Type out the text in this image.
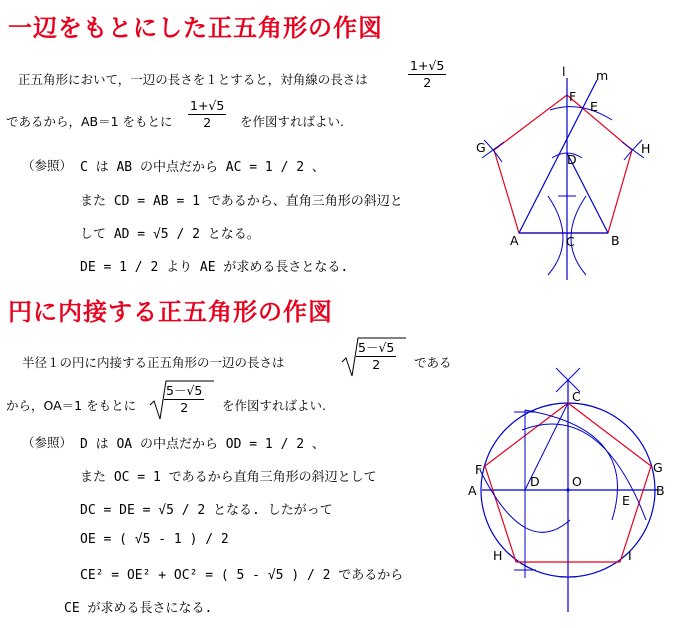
一辺をもとにした正五角形の作図
正五角形において，一辺の長さを１とすると，対角線の長さは	$\frac{1+√5}{2}$
であるから，AB＝1 をもとに $\frac{1+√5}{2}$ を作図すればよい.
（参照） C は AB の中点だから AC = 1 / 2 、
また CD = AB = 1 であるから、直角三角形の斜辺と
して AD = √5 / 2 となる。
DE = 1 / 2 より AE が求める長さとなる.
l m
F
E
G	H
D
A	B
C
円に内接する正五角形の作図
半径１の円に内接する正五角形の一辺の長さは	$\frac{5-√5}{2}$ である
から，OA＝1 をもとに $\frac{5-√5}{2}$ を作図すればよい.
（参照） D は OA の中点だから OD = 1 / 2 、
また OC = 1 であるから直角三角形の斜辺として
DC = DE = √5 / 2 となる. したがって
OE = ( √5 - 1 ) / 2
CE² = OE² + OC² = ( 5 - √5 ) / 2 であるから
CE が求める長さになる.
C
F	G
A
D	O
E
B
H	I
